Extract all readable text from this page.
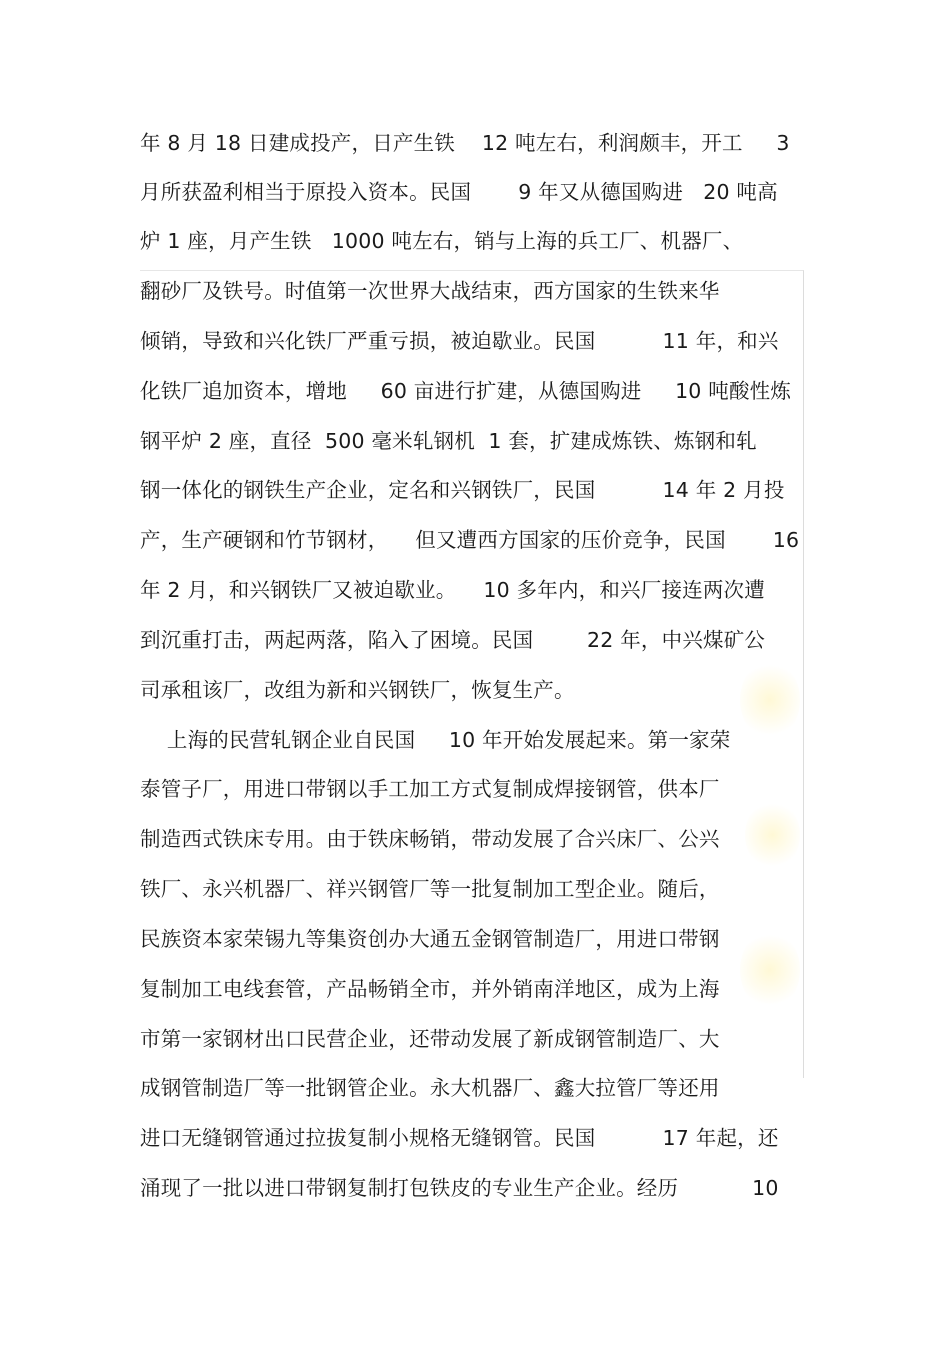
年 8 月 18 日建成投产，日产生铁    12 吨左右，利润颇丰，开工     3

月所获盈利相当于原投入资本。民国       9 年又从德国购进   20 吨高

炉 1 座，月产生铁   1000 吨左右，销与上海的兵工厂、机器厂、

翻砂厂及铁号。时值第一次世界大战结束，西方国家的生铁来华

倾销，导致和兴化铁厂严重亏损，被迫歇业。民国          11 年，和兴

化铁厂追加资本，增地     60 亩进行扩建，从德国购进     10 吨酸性炼

钢平炉 2 座，直径  500 毫米轧钢机  1 套，扩建成炼铁、炼钢和轧

钢一体化的钢铁生产企业，定名和兴钢铁厂，民国          14 年 2 月投

产，生产硬钢和竹节钢材，    但又遭西方国家的压价竞争，民国       16

年 2 月，和兴钢铁厂又被迫歇业。    10 多年内，和兴厂接连两次遭

到沉重打击，两起两落，陷入了困境。民国        22 年，中兴煤矿公

司承租该厂，改组为新和兴钢铁厂，恢复生产。

上海的民营轧钢企业自民国     10 年开始发展起来。第一家荣

泰管子厂，用进口带钢以手工加工方式复制成焊接钢管，供本厂

制造西式铁床专用。由于铁床畅销，带动发展了合兴床厂、公兴

铁厂、永兴机器厂、祥兴钢管厂等一批复制加工型企业。随后，

民族资本家荣锡九等集资创办大通五金钢管制造厂，用进口带钢

复制加工电线套管，产品畅销全市，并外销南洋地区，成为上海

市第一家钢材出口民营企业，还带动发展了新成钢管制造厂、大

成钢管制造厂等一批钢管企业。永大机器厂、鑫大拉管厂等还用

进口无缝钢管通过拉拔复制小规格无缝钢管。民国          17 年起，还

涌现了一批以进口带钢复制打包铁皮的专业生产企业。经历           10
